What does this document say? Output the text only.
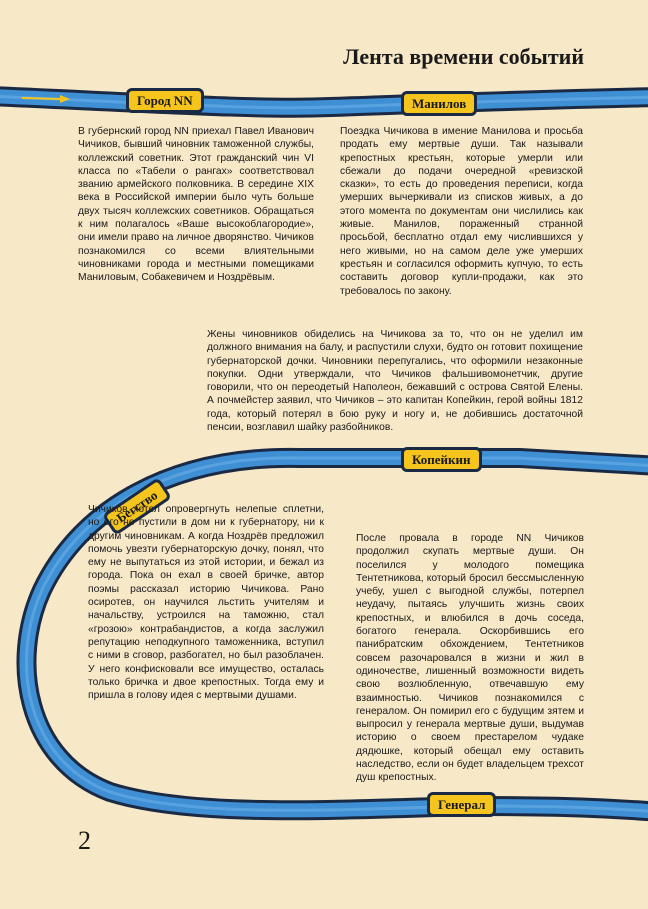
Лента времени событий
Город NN	Манилов
Копейкин
Бегство
Генерал
В губернский город NN приехал Павел Иванович Чичиков, бывший чиновник таможенной службы, коллежский советник. Этот гражданский чин VI класса по «Табели о рангах» соответствовал званию армейского полковника. В середине XIX века в Российской империи было чуть больше двух тысяч коллежских советников. Обращаться к ним полагалось «Ваше высокоблагородие», они имели право на личное дворянство. Чичиков познакомился со всеми влиятельными чиновниками города и местными помещиками Маниловым, Собакевичем и Ноздрёвым.
Поездка Чичикова в имение Манилова и просьба продать ему мертвые души. Так называли крепостных крестьян, которые умерли или сбежали до подачи очередной «ревизской сказки», то есть до проведения переписи, когда умерших вычеркивали из списков живых, а до этого момента по документам они числились как живые. Манилов, пораженный странной просьбой, бесплатно отдал ему числившихся у него живыми, но на самом деле уже умерших крестьян и согласился оформить купчую, то есть составить договор купли-продажи, как это требовалось по закону.
Жены чиновников обиделись на Чичикова за то, что он не уделил им должного внимания на балу, и распустили слухи, будто он готовит похищение губернаторской дочки. Чиновники перепугались, что оформили незаконные покупки. Одни утверждали, что Чичиков фальшивомонетчик, другие говорили, что он переодетый Наполеон, бежавший с острова Святой Елены. А почмейстер заявил, что Чичиков – это капитан Копейкин, герой войны 1812 года, который потерял в бою руку и ногу и, не добившись достаточной пенсии, возглавил шайку разбойников.
Чичиков хотел опровергнуть нелепые сплетни, но его не пустили в дом ни к губернатору, ни к другим чиновникам. А когда Ноздрёв предложил помочь увезти губернаторскую дочку, понял, что ему не выпутаться из этой истории, и бежал из города. Пока он ехал в своей бричке, автор поэмы рассказал историю Чичикова. Рано осиротев, он научился льстить учителям и начальству, устроился на таможню, стал «грозою» контрабандистов, а когда заслужил репутацию неподкупного таможенника, вступил с ними в сговор, разбогател, но был разоблачен. У него конфисковали все имущество, осталась только бричка и двое крепостных. Тогда ему и пришла в голову идея с мертвыми душами.
После провала в городе NN Чичиков продолжил скупать мертвые души. Он поселился у молодого помещика Тентетникова, который бросил бессмысленную учебу, ушел с выгодной службы, потерпел неудачу, пытаясь улучшить жизнь своих крепостных, и влюбился в дочь соседа, богатого генерала. Оскорбившись его панибратским обхождением, Тентетников совсем разочаровался в жизни и жил в одиночестве, лишенный возможности видеть свою возлюбленную, отвечавшую ему взаимностью. Чичиков познакомился с генералом. Он помирил его с будущим зятем и выпросил у генерала мертвые души, выдумав историю о своем престарелом чудаке дядюшке, который обещал ему оставить наследство, если он будет владельцем трехсот душ крепостных.
2
